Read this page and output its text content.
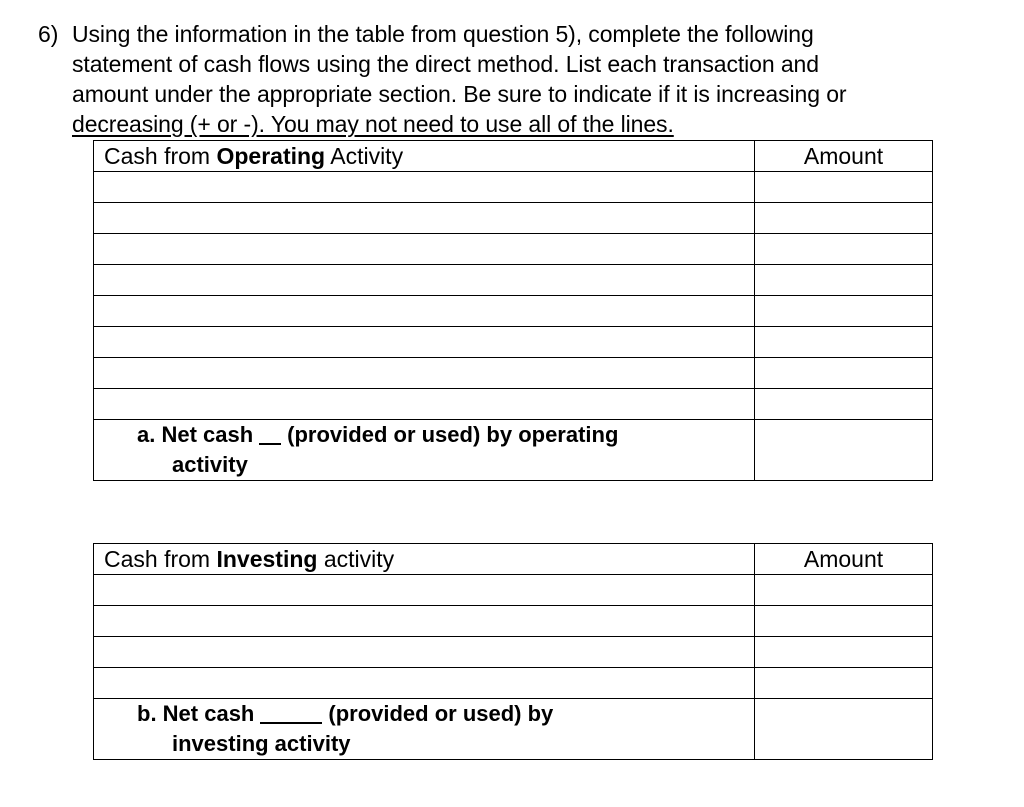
6) Using the information in the table from question 5), complete the following
statement of cash flows using the direct method. List each transaction and
amount under the appropriate section. Be sure to indicate if it is increasing or
decreasing (+ or -). You may not need to use all of the lines.
Cash from Operating Activity	Amount

a. Net cash (provided or used) by operating
activity	

Cash from Investing activity	Amount

b. Net cash (provided or used) by
investing activity	
